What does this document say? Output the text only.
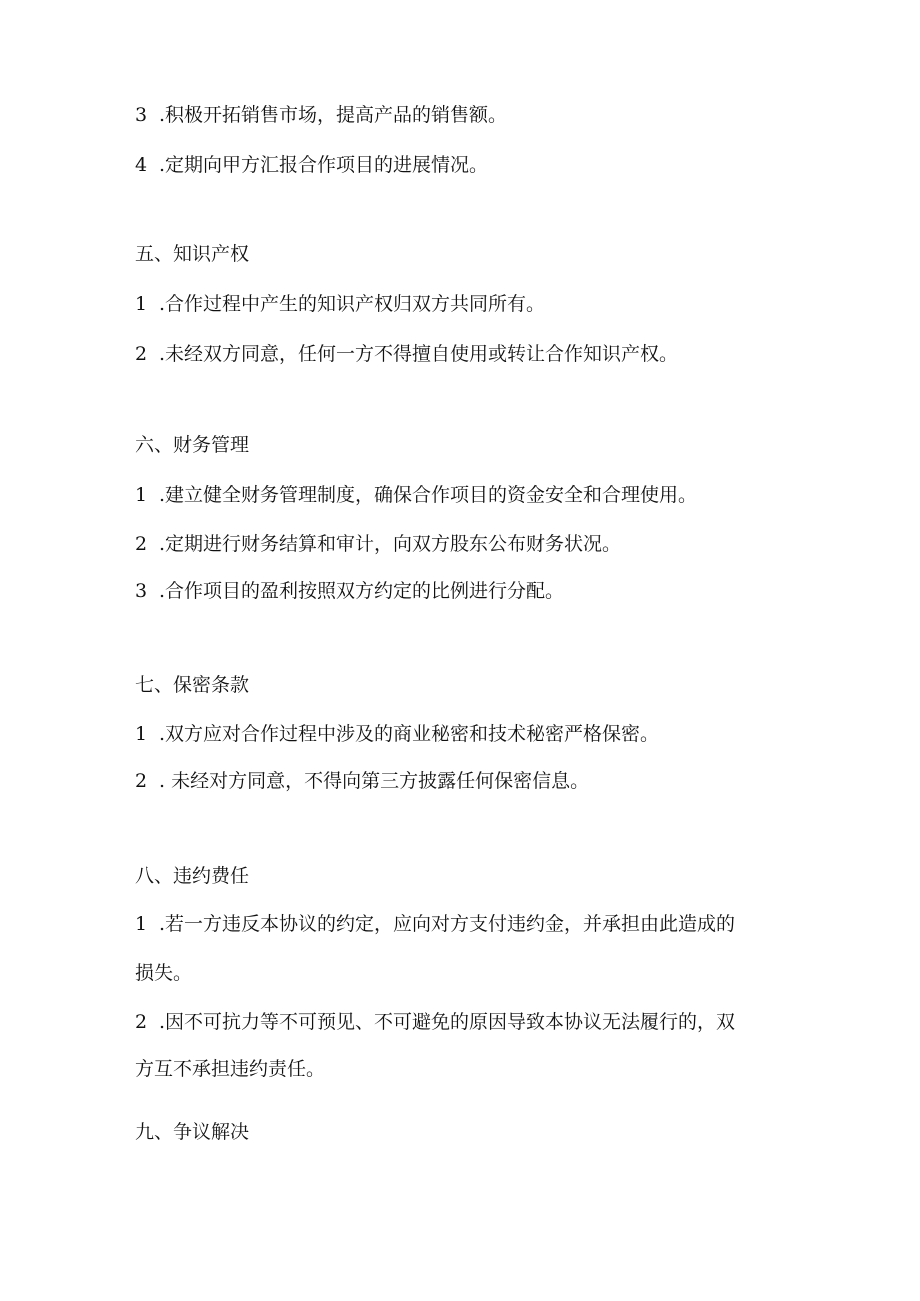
3 .积极开拓销售市场，提高产品的销售额。
4 .定期向甲方汇报合作项目的进展情况。
五、知识产权
1 .合作过程中产生的知识产权归双方共同所有。
2 .未经双方同意，任何一方不得擅自使用或转让合作知识产权。
六、财务管理
1 .建立健全财务管理制度，确保合作项目的资金安全和合理使用。
2 .定期进行财务结算和审计，向双方股东公布财务状况。
3 .合作项目的盈利按照双方约定的比例进行分配。
七、保密条款
1 .双方应对合作过程中涉及的商业秘密和技术秘密严格保密。
2 . 未经对方同意，不得向第三方披露任何保密信息。
八、违约费任
1 .若一方违反本协议的约定，应向对方支付违约金，并承担由此造成的
损失。
2 .因不可抗力等不可预见、不可避免的原因导致本协议无法履行的，双
方互不承担违约责任。
九、争议解决
